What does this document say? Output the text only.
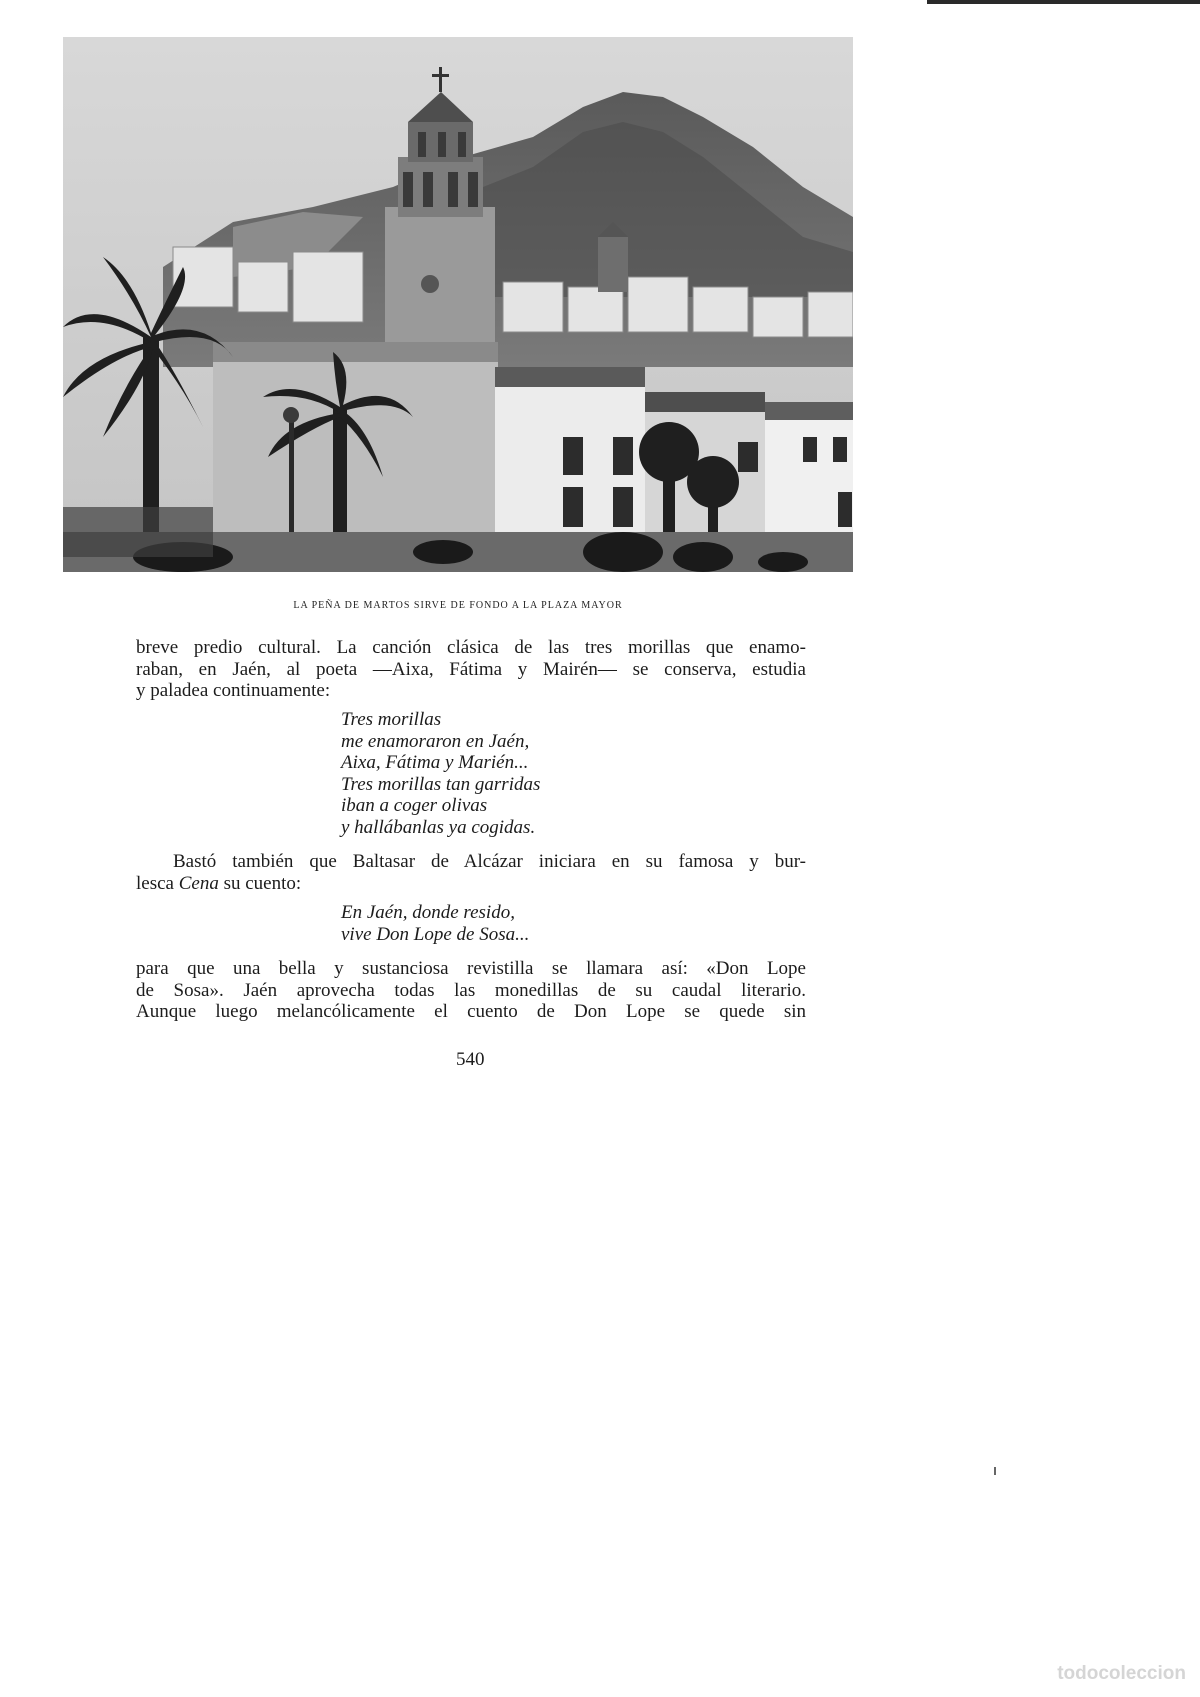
LA PEÑA DE MARTOS SIRVE DE FONDO A LA PLAZA MAYOR
breve predio cultural. La canción clásica de las tres morillas que enamo-
raban, en Jaén, al poeta —Aixa, Fátima y Mairén— se conserva, estudia
y paladea continuamente:
Tres morillas
me enamoraron en Jaén,
Aixa, Fátima y Marién...
Tres morillas tan garridas
iban a coger olivas
y hallábanlas ya cogidas.
Bastó también que Baltasar de Alcázar iniciara en su famosa y bur-
lesca Cena su cuento:
En Jaén, donde resido,
vive Don Lope de Sosa...
para que una bella y sustanciosa revistilla se llamara así: «Don Lope
de Sosa». Jaén aprovecha todas las monedillas de su caudal literario.
Aunque luego melancólicamente el cuento de Don Lope se quede sin
540
todocoleccion
